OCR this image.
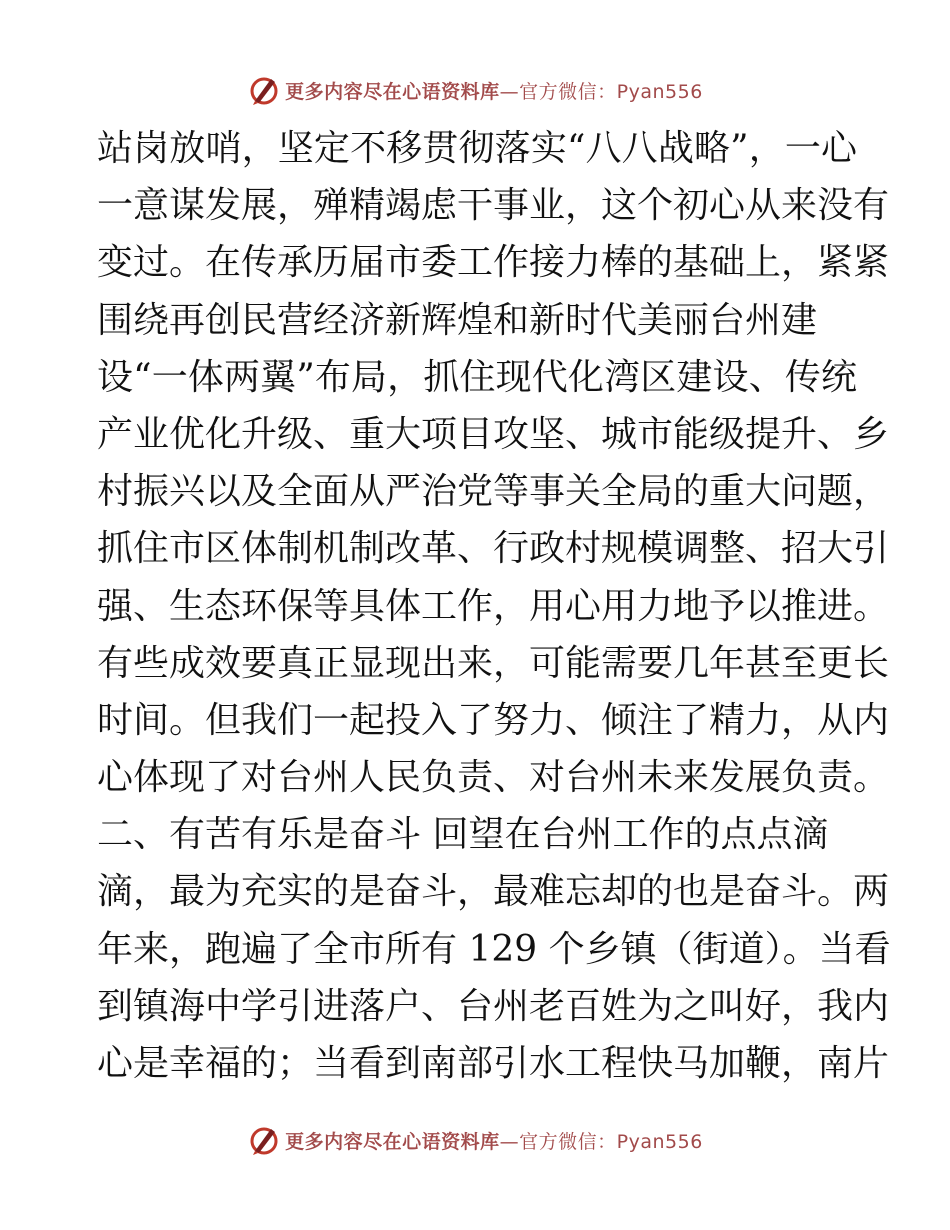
更多内容尽在心语资料库—官方微信：Pyan556
站岗放哨，坚定不移贯彻落实“八八战略”，一心
一意谋发展，殚精竭虑干事业，这个初心从来没有
变过。在传承历届市委工作接力棒的基础上，紧紧
围绕再创民营经济新辉煌和新时代美丽台州建
设“一体两翼”布局，抓住现代化湾区建设、传统
产业优化升级、重大项目攻坚、城市能级提升、乡
村振兴以及全面从严治党等事关全局的重大问题，
抓住市区体制机制改革、行政村规模调整、招大引
强、生态环保等具体工作，用心用力地予以推进。
有些成效要真正显现出来，可能需要几年甚至更长
时间。但我们一起投入了努力、倾注了精力，从内
心体现了对台州人民负责、对台州未来发展负责。
二、有苦有乐是奋斗 回望在台州工作的点点滴
滴，最为充实的是奋斗，最难忘却的也是奋斗。两
年来，跑遍了全市所有 129 个乡镇（街道）。当看
到镇海中学引进落户、台州老百姓为之叫好，我内
心是幸福的；当看到南部引水工程快马加鞭，南片
更多内容尽在心语资料库—官方微信：Pyan556
